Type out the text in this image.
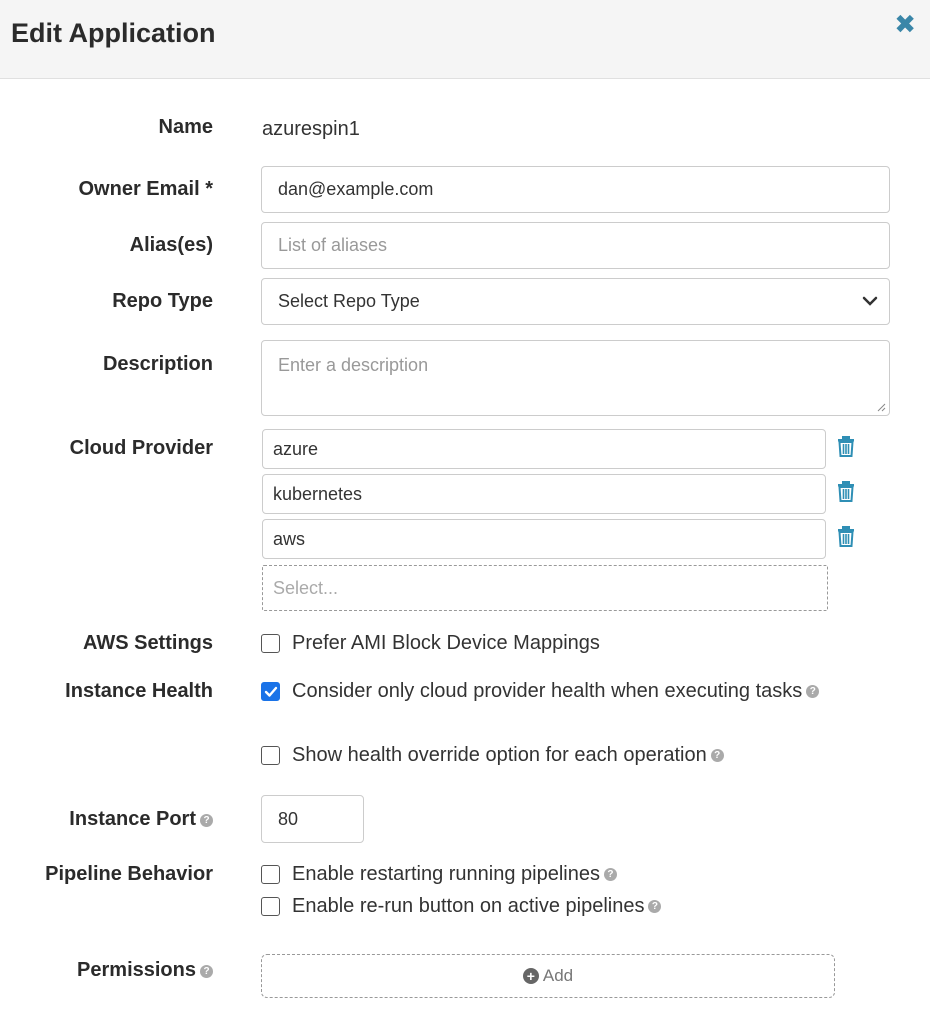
Edit Application	✖
Name azurespin1
Owner Email *	dan@example.com
Alias(es)	List of aliases
Repo Type	Select Repo Type
Description	Enter a description
Cloud Provider	azure
kubernetes
aws
Select...
AWS Settings	Prefer AMI Block Device Mappings
Instance Health	Consider only cloud provider health when executing tasks ?
Show health override option for each operation ?
Instance Port ?	80
Pipeline Behavior	Enable restarting running pipelines ?
Enable re-run button on active pipelines ?
Permissions ?	+ Add
